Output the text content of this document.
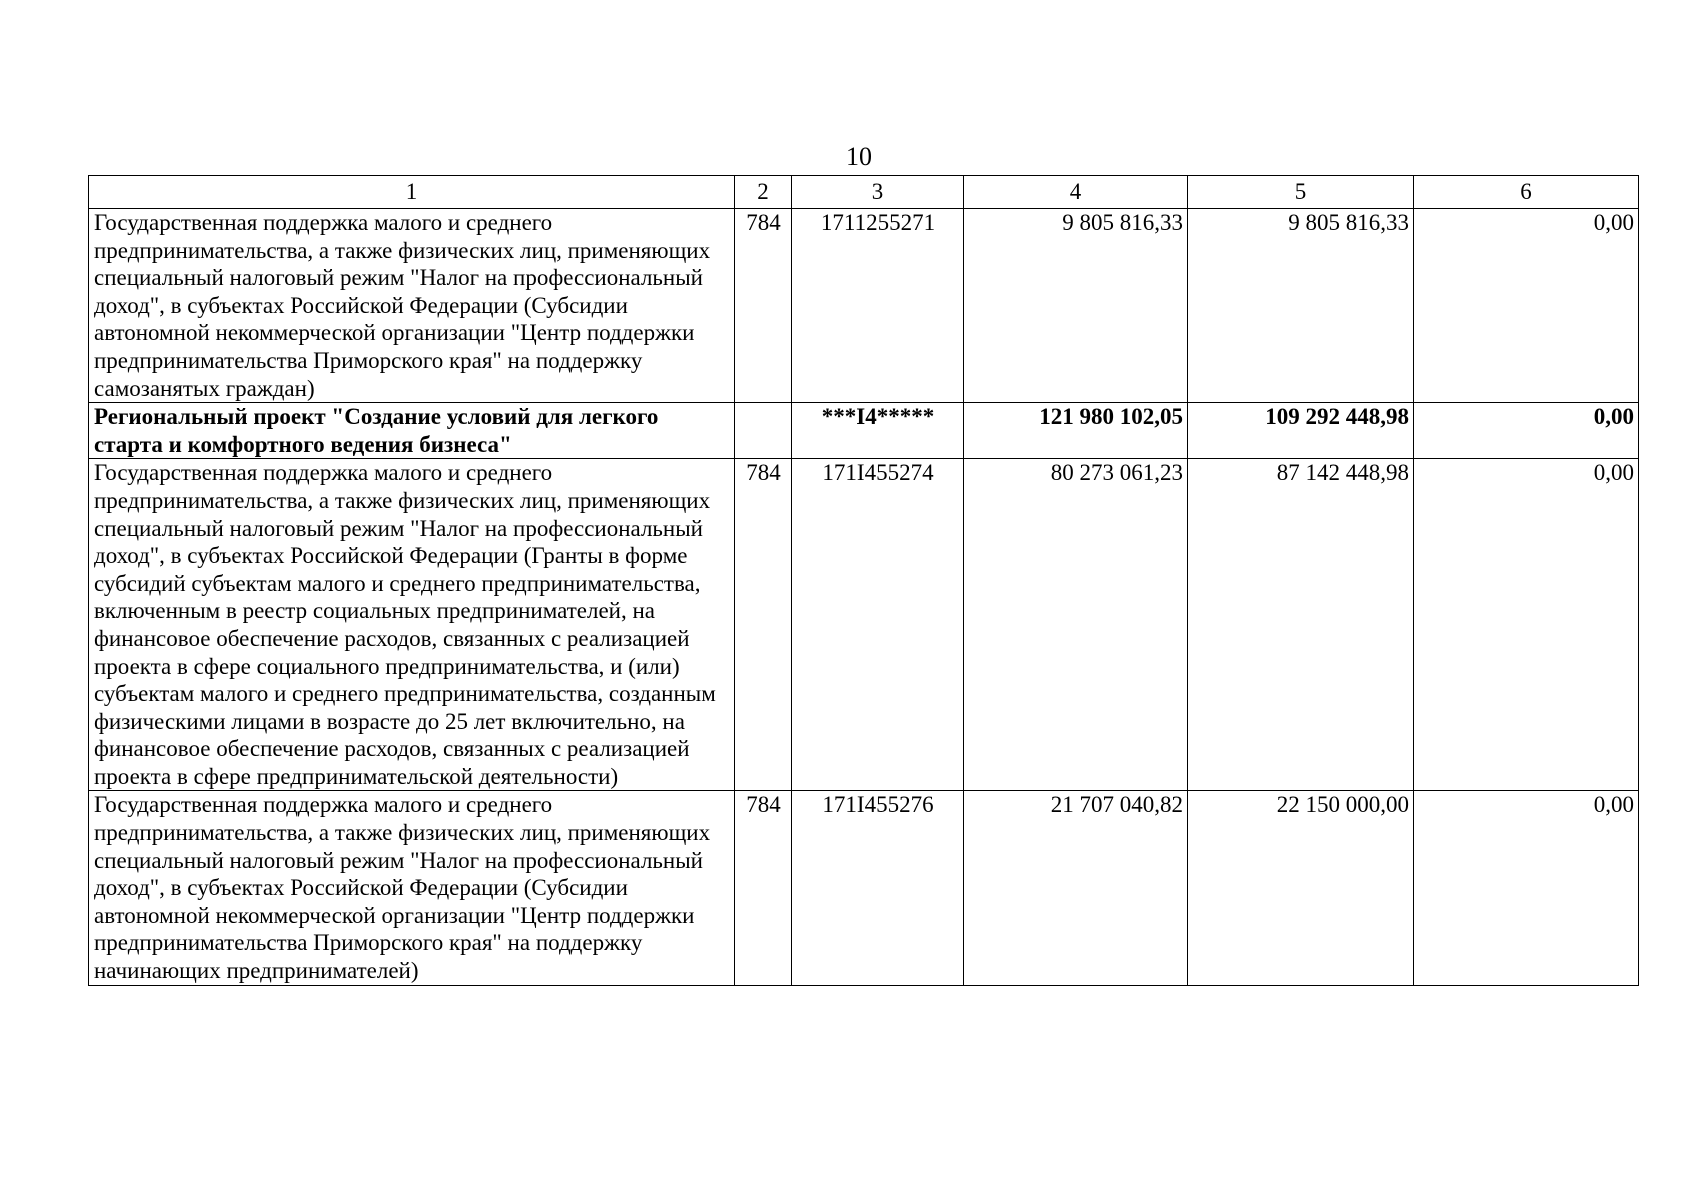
10
1	2	3	4	5	6
Государственная поддержка малого и среднего предпринимательства, а также физических лиц, применяющих специальный налоговый режим "Налог на профессиональный доход", в субъектах Российской Федерации (Субсидии автономной некоммерческой организации "Центр поддержки предпринимательства Приморского края" на поддержку самозанятых граждан)	784	1711255271	9 805 816,33	9 805 816,33	0,00
Региональный проект "Создание условий для легкого старта и комфортного ведения бизнеса"		***I4*****	121 980 102,05	109 292 448,98	0,00
Государственная поддержка малого и среднего предпринимательства, а также физических лиц, применяющих специальный налоговый режим "Налог на профессиональный доход", в субъектах Российской Федерации (Гранты в форме субсидий субъектам малого и среднего предпринимательства, включенным в реестр социальных предпринимателей, на финансовое обеспечение расходов, связанных с реализацией проекта в сфере социального предпринимательства, и (или) субъектам малого и среднего предпринимательства, созданным физическими лицами в возрасте до 25 лет включительно, на финансовое обеспечение расходов, связанных с реализацией проекта в сфере предпринимательской деятельности)	784	171I455274	80 273 061,23	87 142 448,98	0,00
Государственная поддержка малого и среднего предпринимательства, а также физических лиц, применяющих специальный налоговый режим "Налог на профессиональный доход", в субъектах Российской Федерации (Субсидии автономной некоммерческой организации "Центр поддержки предпринимательства Приморского края" на поддержку начинающих предпринимателей)	784	171I455276	21 707 040,82	22 150 000,00	0,00
